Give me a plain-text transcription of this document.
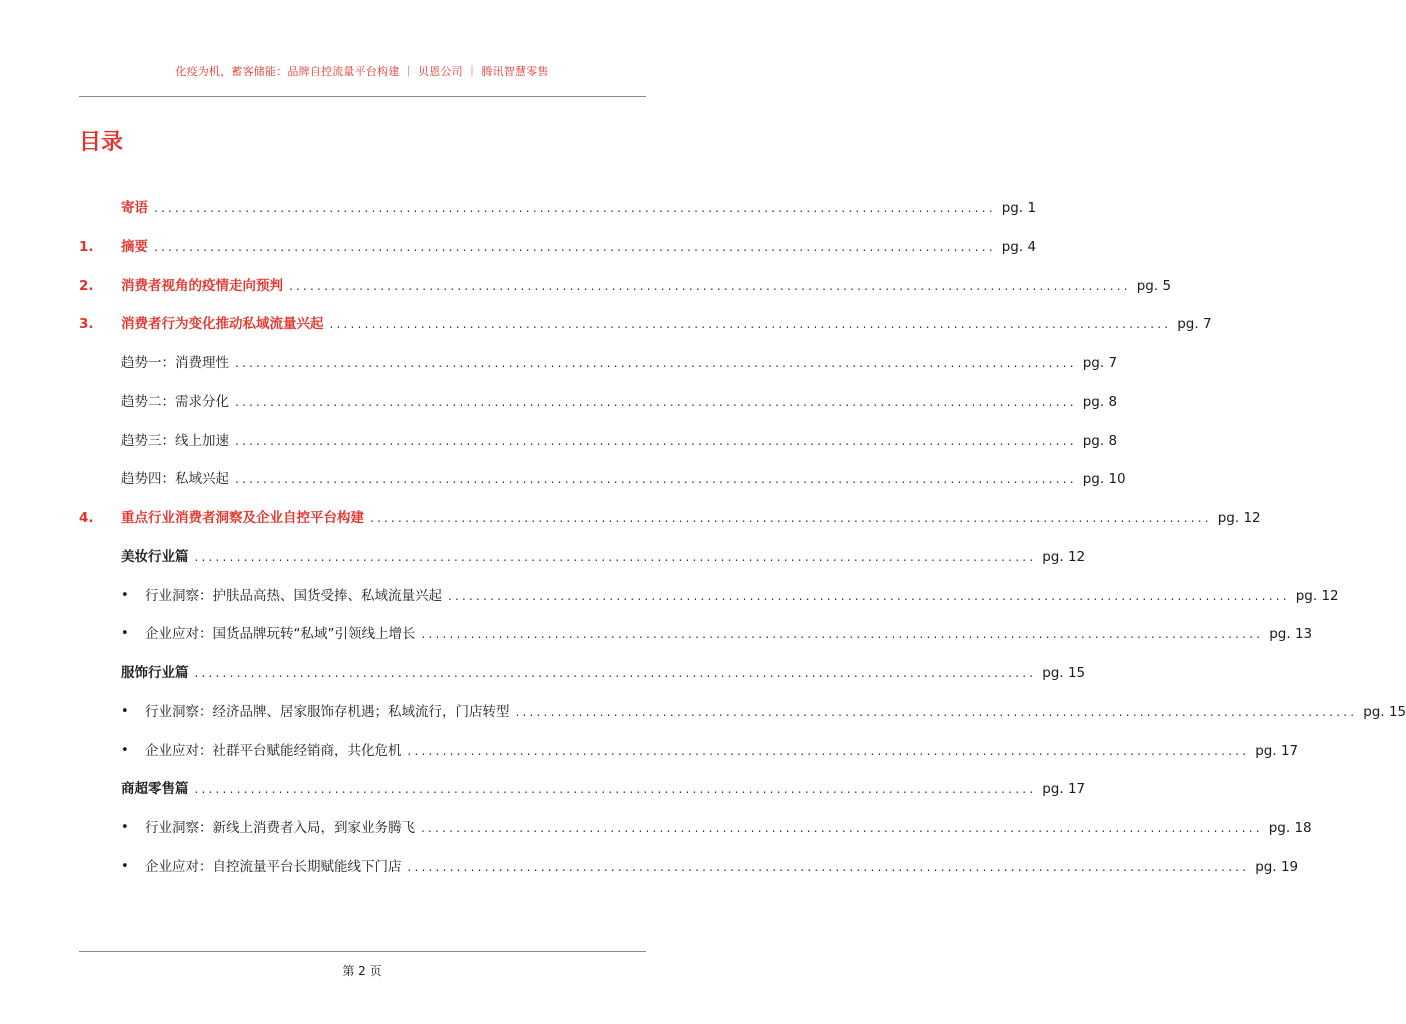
化疫为机，蓄客储能：品牌自控流量平台构建 ｜ 贝恩公司 ｜ 腾讯智慧零售
目录
寄语 ........................................................................................................................ pg. 1
1. 摘要 ........................................................................................................................ pg. 4
2. 消费者视角的疫情走向预判 ........................................................................................................................ pg. 5
3. 消费者行为变化推动私域流量兴起 ........................................................................................................................ pg. 7
趋势一：消费理性 ........................................................................................................................ pg. 7
趋势二：需求分化 ........................................................................................................................ pg. 8
趋势三：线上加速 ........................................................................................................................ pg. 8
趋势四：私域兴起 ........................................................................................................................ pg. 10
4. 重点行业消费者洞察及企业自控平台构建 ........................................................................................................................ pg. 12
美妆行业篇 ........................................................................................................................ pg. 12
• 行业洞察：护肤品高热、国货受捧、私域流量兴起 ........................................................................................................................ pg. 12
• 企业应对：国货品牌玩转“私域”引领线上增长 ........................................................................................................................ pg. 13
服饰行业篇 ........................................................................................................................ pg. 15
• 行业洞察：经济品牌、居家服饰存机遇；私域流行，门店转型 ........................................................................................................................ pg. 15
• 企业应对：社群平台赋能经销商，共化危机 ........................................................................................................................ pg. 17
商超零售篇 ........................................................................................................................ pg. 17
• 行业洞察：新线上消费者入局，到家业务腾飞 ........................................................................................................................ pg. 18
• 企业应对：自控流量平台长期赋能线下门店 ........................................................................................................................ pg. 19
第 2 页
